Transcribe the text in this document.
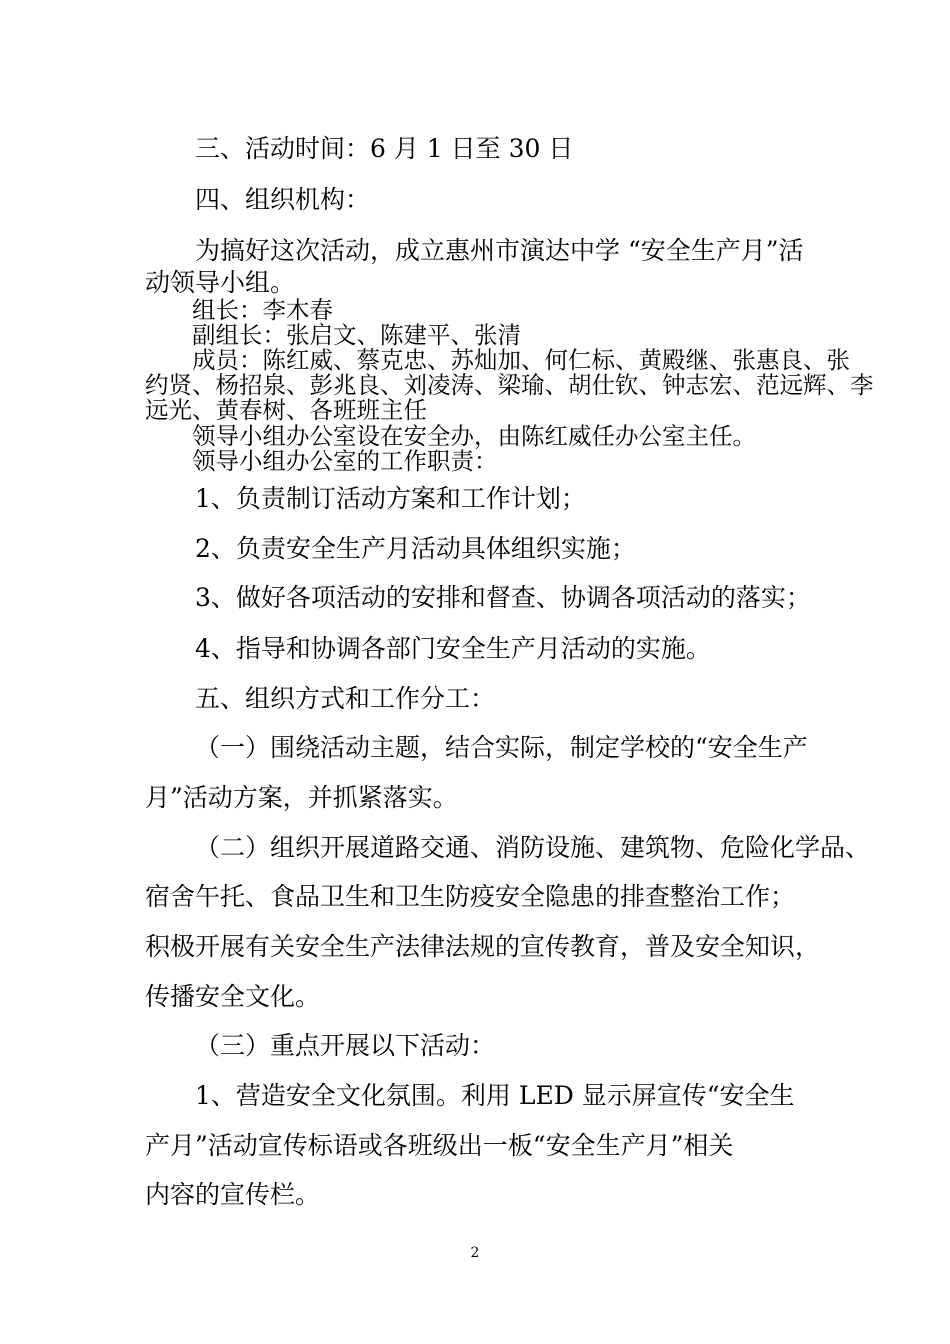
三、活动时间：6 月 1 日至 30 日
四、组织机构：
为搞好这次活动，成立惠州市演达中学 “安全生产月”活
动领导小组。
组长：李木春
副组长：张启文、陈建平、张清
成员：陈红威、蔡克忠、苏灿加、何仁标、黄殿继、张惠良、张
约贤、杨招泉、彭兆良、刘凌涛、梁瑜、胡仕钦、钟志宏、范远辉、李
远光、黄春树、各班班主任
领导小组办公室设在安全办，由陈红威任办公室主任。
领导小组办公室的工作职责：
1、负责制订活动方案和工作计划；
2、负责安全生产月活动具体组织实施；
3、做好各项活动的安排和督查、协调各项活动的落实；
4、指导和协调各部门安全生产月活动的实施。
五、组织方式和工作分工：
（一）围绕活动主题，结合实际，制定学校的“安全生产
月”活动方案，并抓紧落实。
（二）组织开展道路交通、消防设施、建筑物、危险化学品、
宿舍午托、食品卫生和卫生防疫安全隐患的排查整治工作；
积极开展有关安全生产法律法规的宣传教育，普及安全知识，
传播安全文化。
（三）重点开展以下活动：
1、营造安全文化氛围。利用 LED 显示屏宣传“安全生
产月”活动宣传标语或各班级出一板“安全生产月”相关
内容的宣传栏。
2
